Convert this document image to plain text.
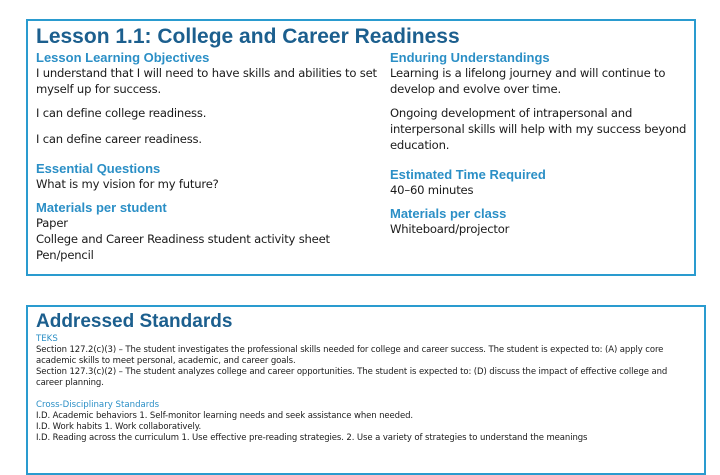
Lesson 1.1: College and Career Readiness
Lesson Learning Objectives

I understand that I will need to have skills and abilities to set myself up for success.

I can define college readiness.

I can define career readiness.

Essential Questions

What is my vision for my future?

Materials per student

Paper

College and Career Readiness student activity sheet

Pen/pencil

Enduring Understandings

Learning is a lifelong journey and will continue to develop and evolve over time.

Ongoing development of intrapersonal and interpersonal skills will help with my success beyond education.

Estimated Time Required

40–60 minutes

Materials per class

Whiteboard/projector

Addressed Standards
TEKS

Section 127.2(c)(3) – The student investigates the professional skills needed for college and career success. The student is expected to: (A) apply core academic skills to meet personal, academic, and career goals.

Section 127.3(c)(2) – The student analyzes college and career opportunities. The student is expected to: (D) discuss the impact of effective college and career planning.

Cross-Disciplinary Standards

I.D. Academic behaviors 1. Self-monitor learning needs and seek assistance when needed.

I.D. Work habits 1. Work collaboratively.

I.D. Reading across the curriculum 1. Use effective pre-reading strategies. 2. Use a variety of strategies to understand the meanings
